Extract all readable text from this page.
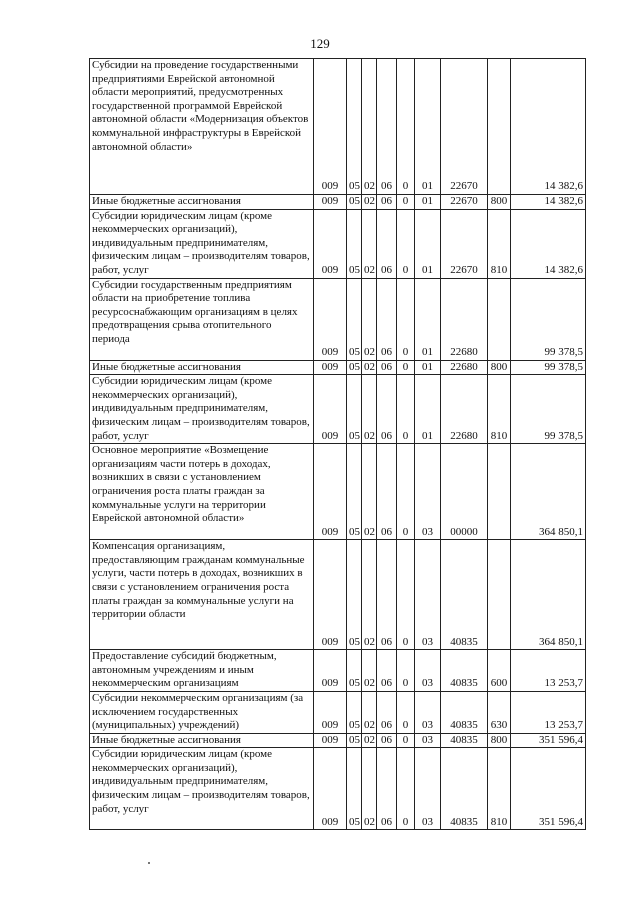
129
Субсидии на проведение государственными предприятиями Еврейской автономной области мероприятий, предусмотренных государственной программой Еврейской автономной области «Модернизация объектов коммунальной инфраструктуры в Еврейской автономной области»	009	05	02	06	0	01	22670		14 382,6
Иные бюджетные ассигнования	009	05	02	06	0	01	22670	800	14 382,6
Субсидии юридическим лицам (кроме некоммерческих организаций), индивидуальным предпринимателям, физическим лицам – производителям товаров, работ, услуг	009	05	02	06	0	01	22670	810	14 382,6
Субсидии государственным предприятиям области на приобретение топлива ресурсоснабжающим организациям в целях предотвращения срыва отопительного периода	009	05	02	06	0	01	22680		99 378,5
Иные бюджетные ассигнования	009	05	02	06	0	01	22680	800	99 378,5
Субсидии юридическим лицам (кроме некоммерческих организаций), индивидуальным предпринимателям, физическим лицам – производителям товаров, работ, услуг	009	05	02	06	0	01	22680	810	99 378,5
Основное мероприятие «Возмещение организациям части потерь в доходах, возникших в связи с установлением ограничения роста платы граждан за коммунальные услуги на территории Еврейской автономной области»	009	05	02	06	0	03	00000		364 850,1
Компенсация организациям, предоставляющим гражданам коммунальные услуги, части потерь в доходах, возникших в связи с установлением ограничения роста платы граждан за коммунальные услуги на территории области	009	05	02	06	0	03	40835		364 850,1
Предоставление субсидий бюджетным, автономным учреждениям и иным некоммерческим организациям	009	05	02	06	0	03	40835	600	13 253,7
Субсидии некоммерческим организациям (за исключением государственных (муниципальных) учреждений)	009	05	02	06	0	03	40835	630	13 253,7
Иные бюджетные ассигнования	009	05	02	06	0	03	40835	800	351 596,4
Субсидии юридическим лицам (кроме некоммерческих организаций), индивидуальным предпринимателям, физическим лицам – производителям товаров, работ, услуг	009	05	02	06	0	03	40835	810	351 596,4
